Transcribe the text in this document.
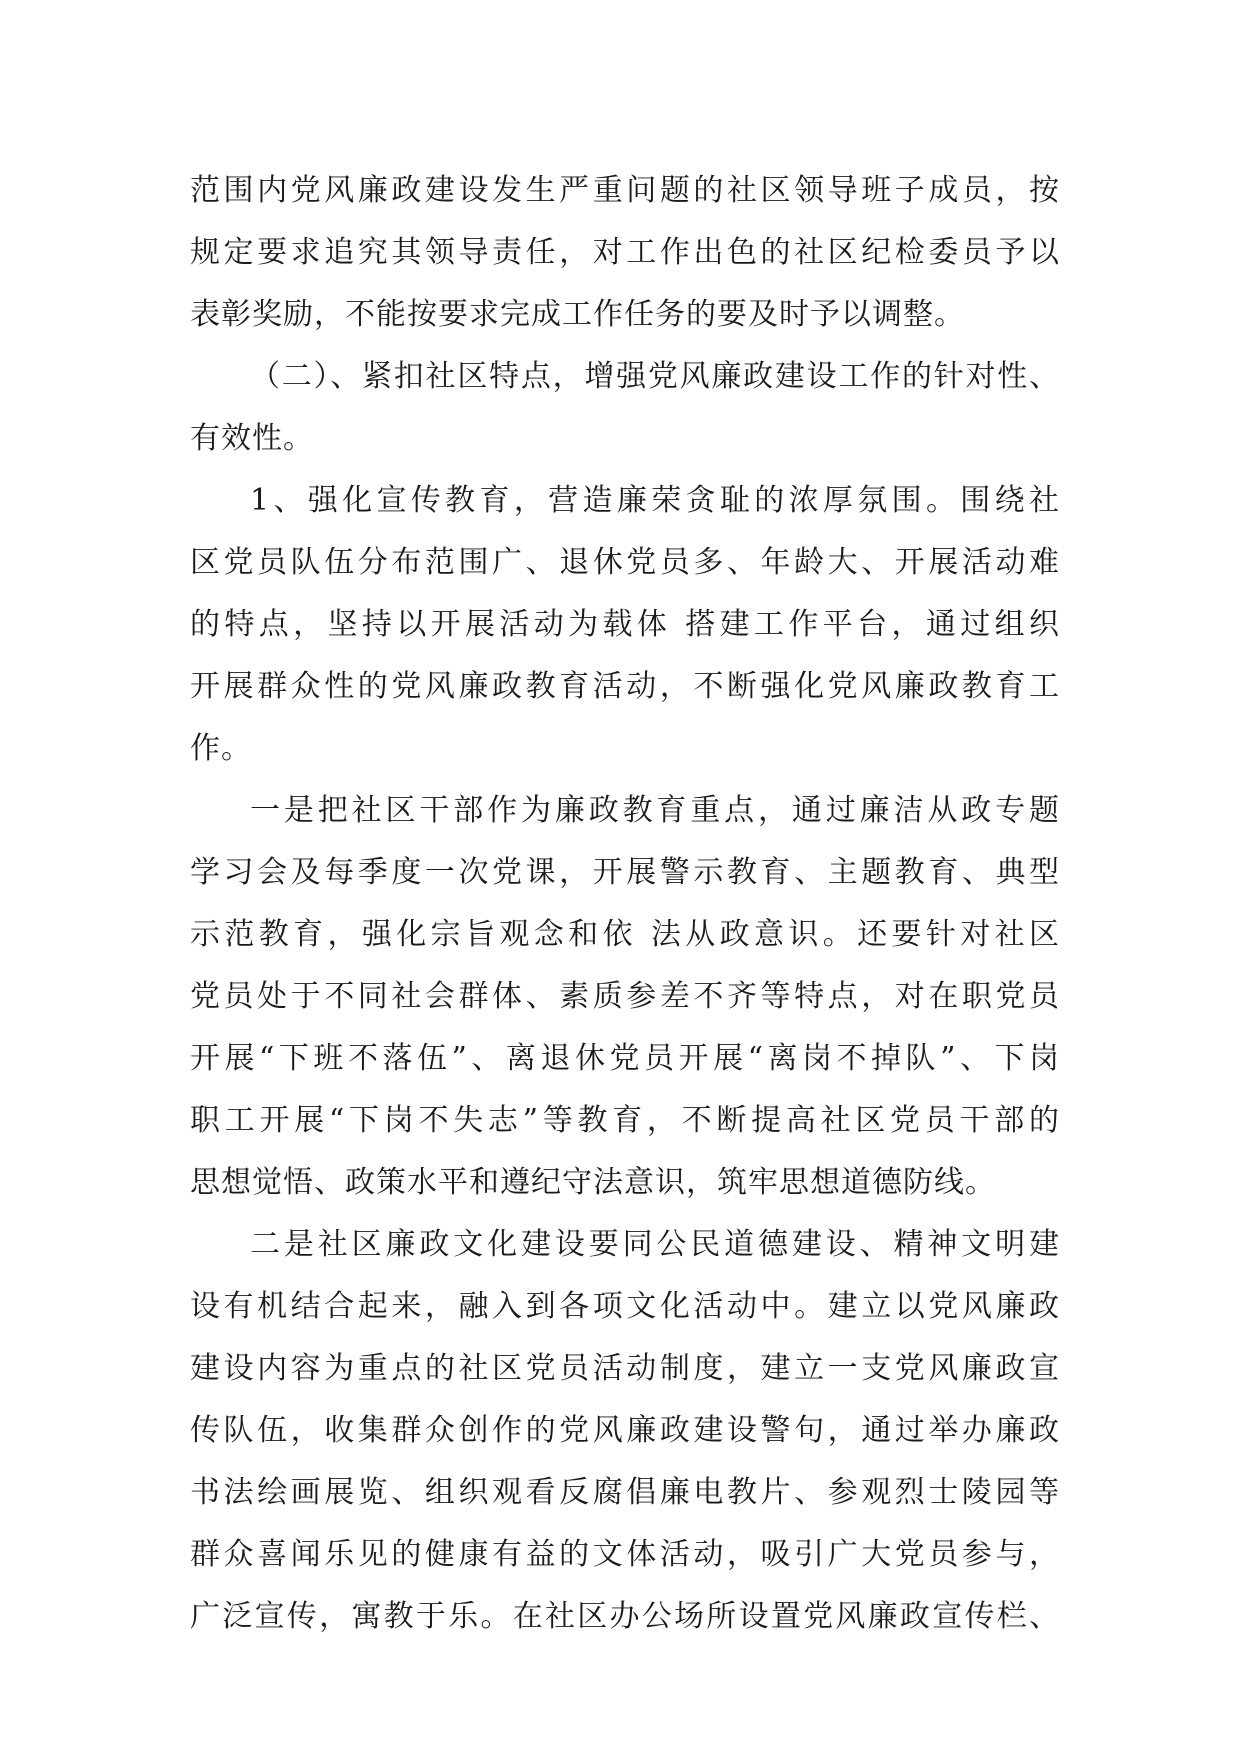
范围内党风廉政建设发生严重问题的社区领导班子成员，按
规定要求追究其领导责任，对工作出色的社区纪检委员予以
表彰奖励，不能按要求完成工作任务的要及时予以调整。
（二）、紧扣社区特点，增强党风廉政建设工作的针对性、
有效性。
1、强化宣传教育，营造廉荣贪耻的浓厚氛围。围绕社
区党员队伍分布范围广、退休党员多、年龄大、开展活动难
的特点，坚持以开展活动为载体 搭建工作平台，通过组织
开展群众性的党风廉政教育活动，不断强化党风廉政教育工
作。
一是把社区干部作为廉政教育重点，通过廉洁从政专题
学习会及每季度一次党课，开展警示教育、主题教育、典型
示范教育，强化宗旨观念和依 法从政意识。还要针对社区
党员处于不同社会群体、素质参差不齐等特点，对在职党员
开展“下班不落伍”、离退休党员开展“离岗不掉队”、下岗
职工开展“下岗不失志”等教育，不断提高社区党员干部的
思想觉悟、政策水平和遵纪守法意识，筑牢思想道德防线。
二是社区廉政文化建设要同公民道德建设、精神文明建
设有机结合起来，融入到各项文化活动中。建立以党风廉政
建设内容为重点的社区党员活动制度，建立一支党风廉政宣
传队伍，收集群众创作的党风廉政建设警句，通过举办廉政
书法绘画展览、组织观看反腐倡廉电教片、参观烈士陵园等
群众喜闻乐见的健康有益的文体活动，吸引广大党员参与，
广泛宣传，寓教于乐。在社区办公场所设置党风廉政宣传栏、
